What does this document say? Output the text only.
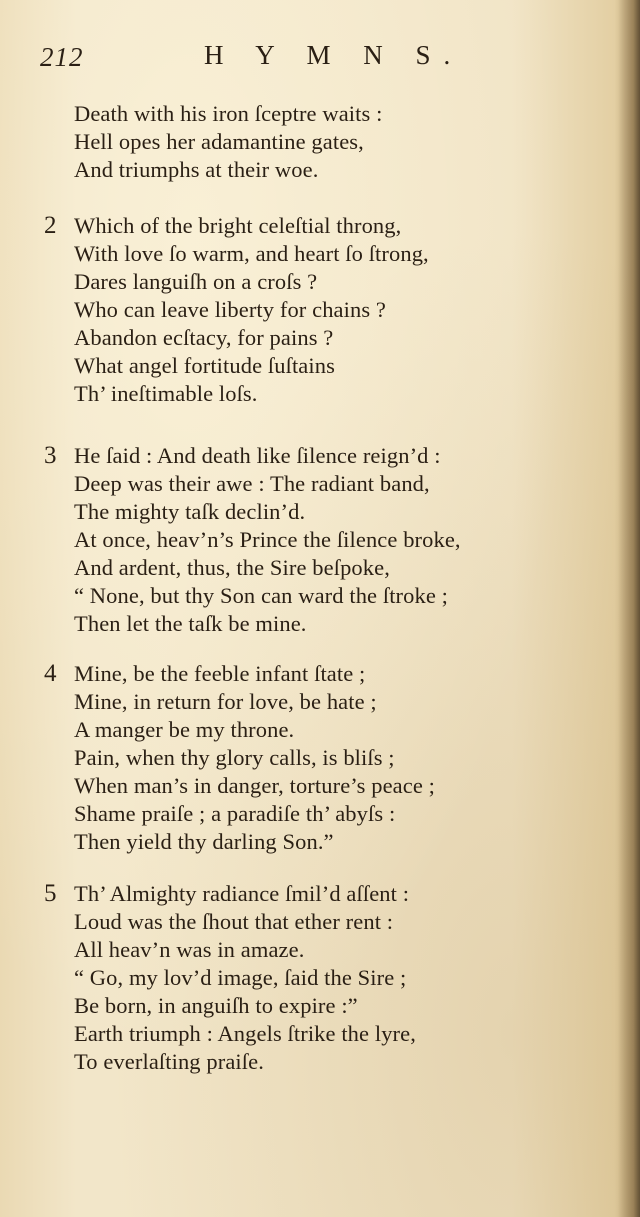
212	H Y M N S.
Death with his iron ſceptre waits :
Hell opes her adamantine gates,
And triumphs at their woe.
2 Which of the bright celeſtial throng,
With love ſo warm, and heart ſo ſtrong,
Dares languiſh on a croſs ?
Who can leave liberty for chains ?
Abandon ecſtacy, for pains ?
What angel fortitude ſuſtains
Th’ ineſtimable loſs.
3 He ſaid : And death like ſilence reign’d :
Deep was their awe : The radiant band,
The mighty taſk declin’d.
At once, heav’n’s Prince the ſilence broke,
And ardent, thus, the Sire beſpoke,
“ None, but thy Son can ward the ſtroke ;
Then let the taſk be mine.
4 Mine, be the feeble infant ſtate ;
Mine, in return for love, be hate ;
A manger be my throne.
Pain, when thy glory calls, is bliſs ;
When man’s in danger, torture’s peace ;
Shame praiſe ; a paradiſe th’ abyſs :
Then yield thy darling Son.”
5 Th’ Almighty radiance ſmil’d aſſent :
Loud was the ſhout that ether rent :
All heav’n was in amaze.
“ Go, my lov’d image, ſaid the Sire ;
Be born, in anguiſh to expire :”
Earth triumph : Angels ſtrike the lyre,
To everlaſting praiſe.
